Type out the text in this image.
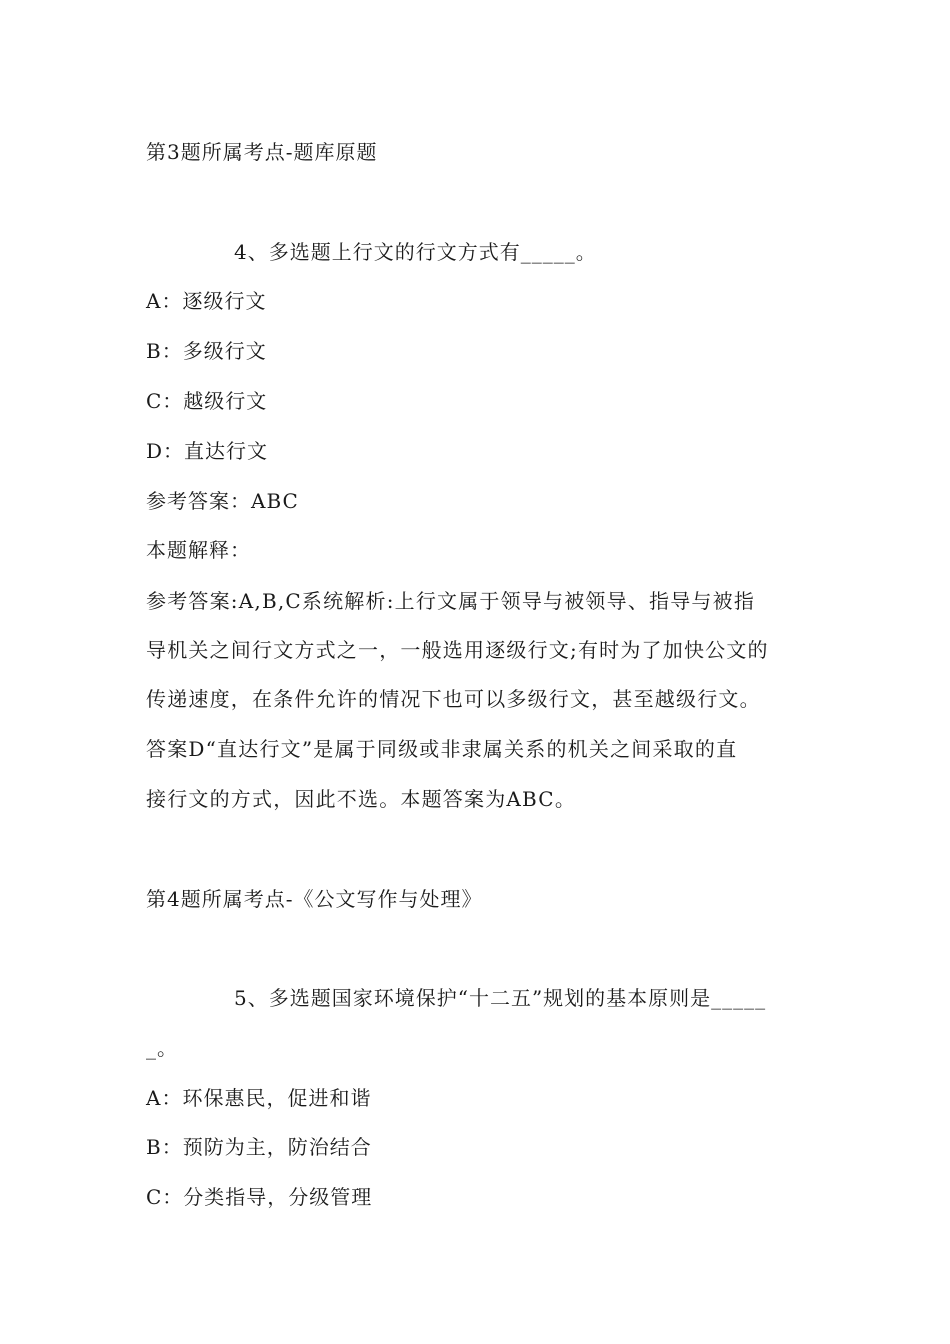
第3题所属考点-题库原题
4、多选题上行文的行文方式有_____。
A：逐级行文
B：多级行文
C：越级行文
D：直达行文
参考答案：ABC
本题解释：
参考答案:A,B,C系统解析:上行文属于领导与被领导、指导与被指
导机关之间行文方式之一，一般选用逐级行文;有时为了加快公文的
传递速度，在条件允许的情况下也可以多级行文，甚至越级行文。
答案D“直达行文”是属于同级或非隶属关系的机关之间采取的直
接行文的方式，因此不选。本题答案为ABC。
第4题所属考点-《公文写作与处理》
5、多选题国家环境保护“十二五”规划的基本原则是_____
_。
A：环保惠民，促进和谐
B：预防为主，防治结合
C：分类指导，分级管理
